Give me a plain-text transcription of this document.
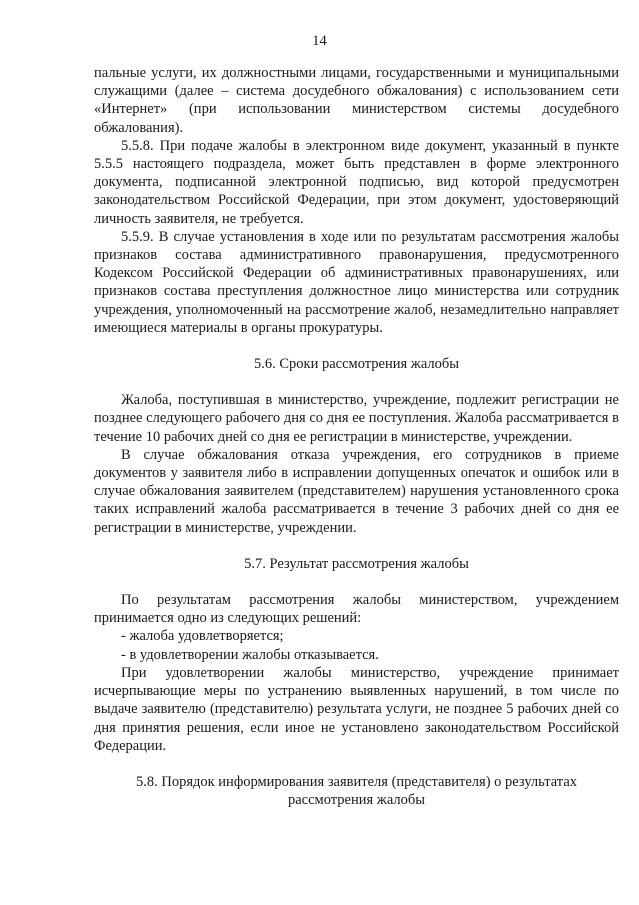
14

пальные услуги, их должностными лицами, государственными и муниципальными служащими (далее – система досудебного обжалования) с использованием сети «Интернет» (при использовании министерством системы досудебного обжалования).

5.5.8. При подаче жалобы в электронном виде документ, указанный в пункте 5.5.5 настоящего подраздела, может быть представлен в форме электронного документа, подписанной электронной подписью, вид которой предусмотрен законодательством Российской Федерации, при этом документ, удостоверяющий личность заявителя, не требуется.

5.5.9. В случае установления в ходе или по результатам рассмотрения жалобы признаков состава административного правонарушения, предусмотренного Кодексом Российской Федерации об административных правонарушениях, или признаков состава преступления должностное лицо министерства или сотрудник учреждения, уполномоченный на рассмотрение жалоб, незамедлительно направляет имеющиеся материалы в органы прокуратуры.

5.6. Сроки рассмотрения жалобы

Жалоба, поступившая в министерство, учреждение, подлежит регистрации не позднее следующего рабочего дня со дня ее поступления. Жалоба рассматривается в течение 10 рабочих дней со дня ее регистрации в министерстве, учреждении.

В случае обжалования отказа учреждения, его сотрудников в приеме документов у заявителя либо в исправлении допущенных опечаток и ошибок или в случае обжалования заявителем (представителем) нарушения установленного срока таких исправлений жалоба рассматривается в течение 3 рабочих дней со дня ее регистрации в министерстве, учреждении.

5.7. Результат рассмотрения жалобы

По результатам рассмотрения жалобы министерством, учреждением принимается одно из следующих решений:

- жалоба удовлетворяется;

- в удовлетворении жалобы отказывается.

При удовлетворении жалобы министерство, учреждение принимает исчерпывающие меры по устранению выявленных нарушений, в том числе по выдаче заявителю (представителю) результата услуги, не позднее 5 рабочих дней со дня принятия решения, если иное не установлено законодательством Российской Федерации.

5.8. Порядок информирования заявителя (представителя) о результатах

рассмотрения жалобы
